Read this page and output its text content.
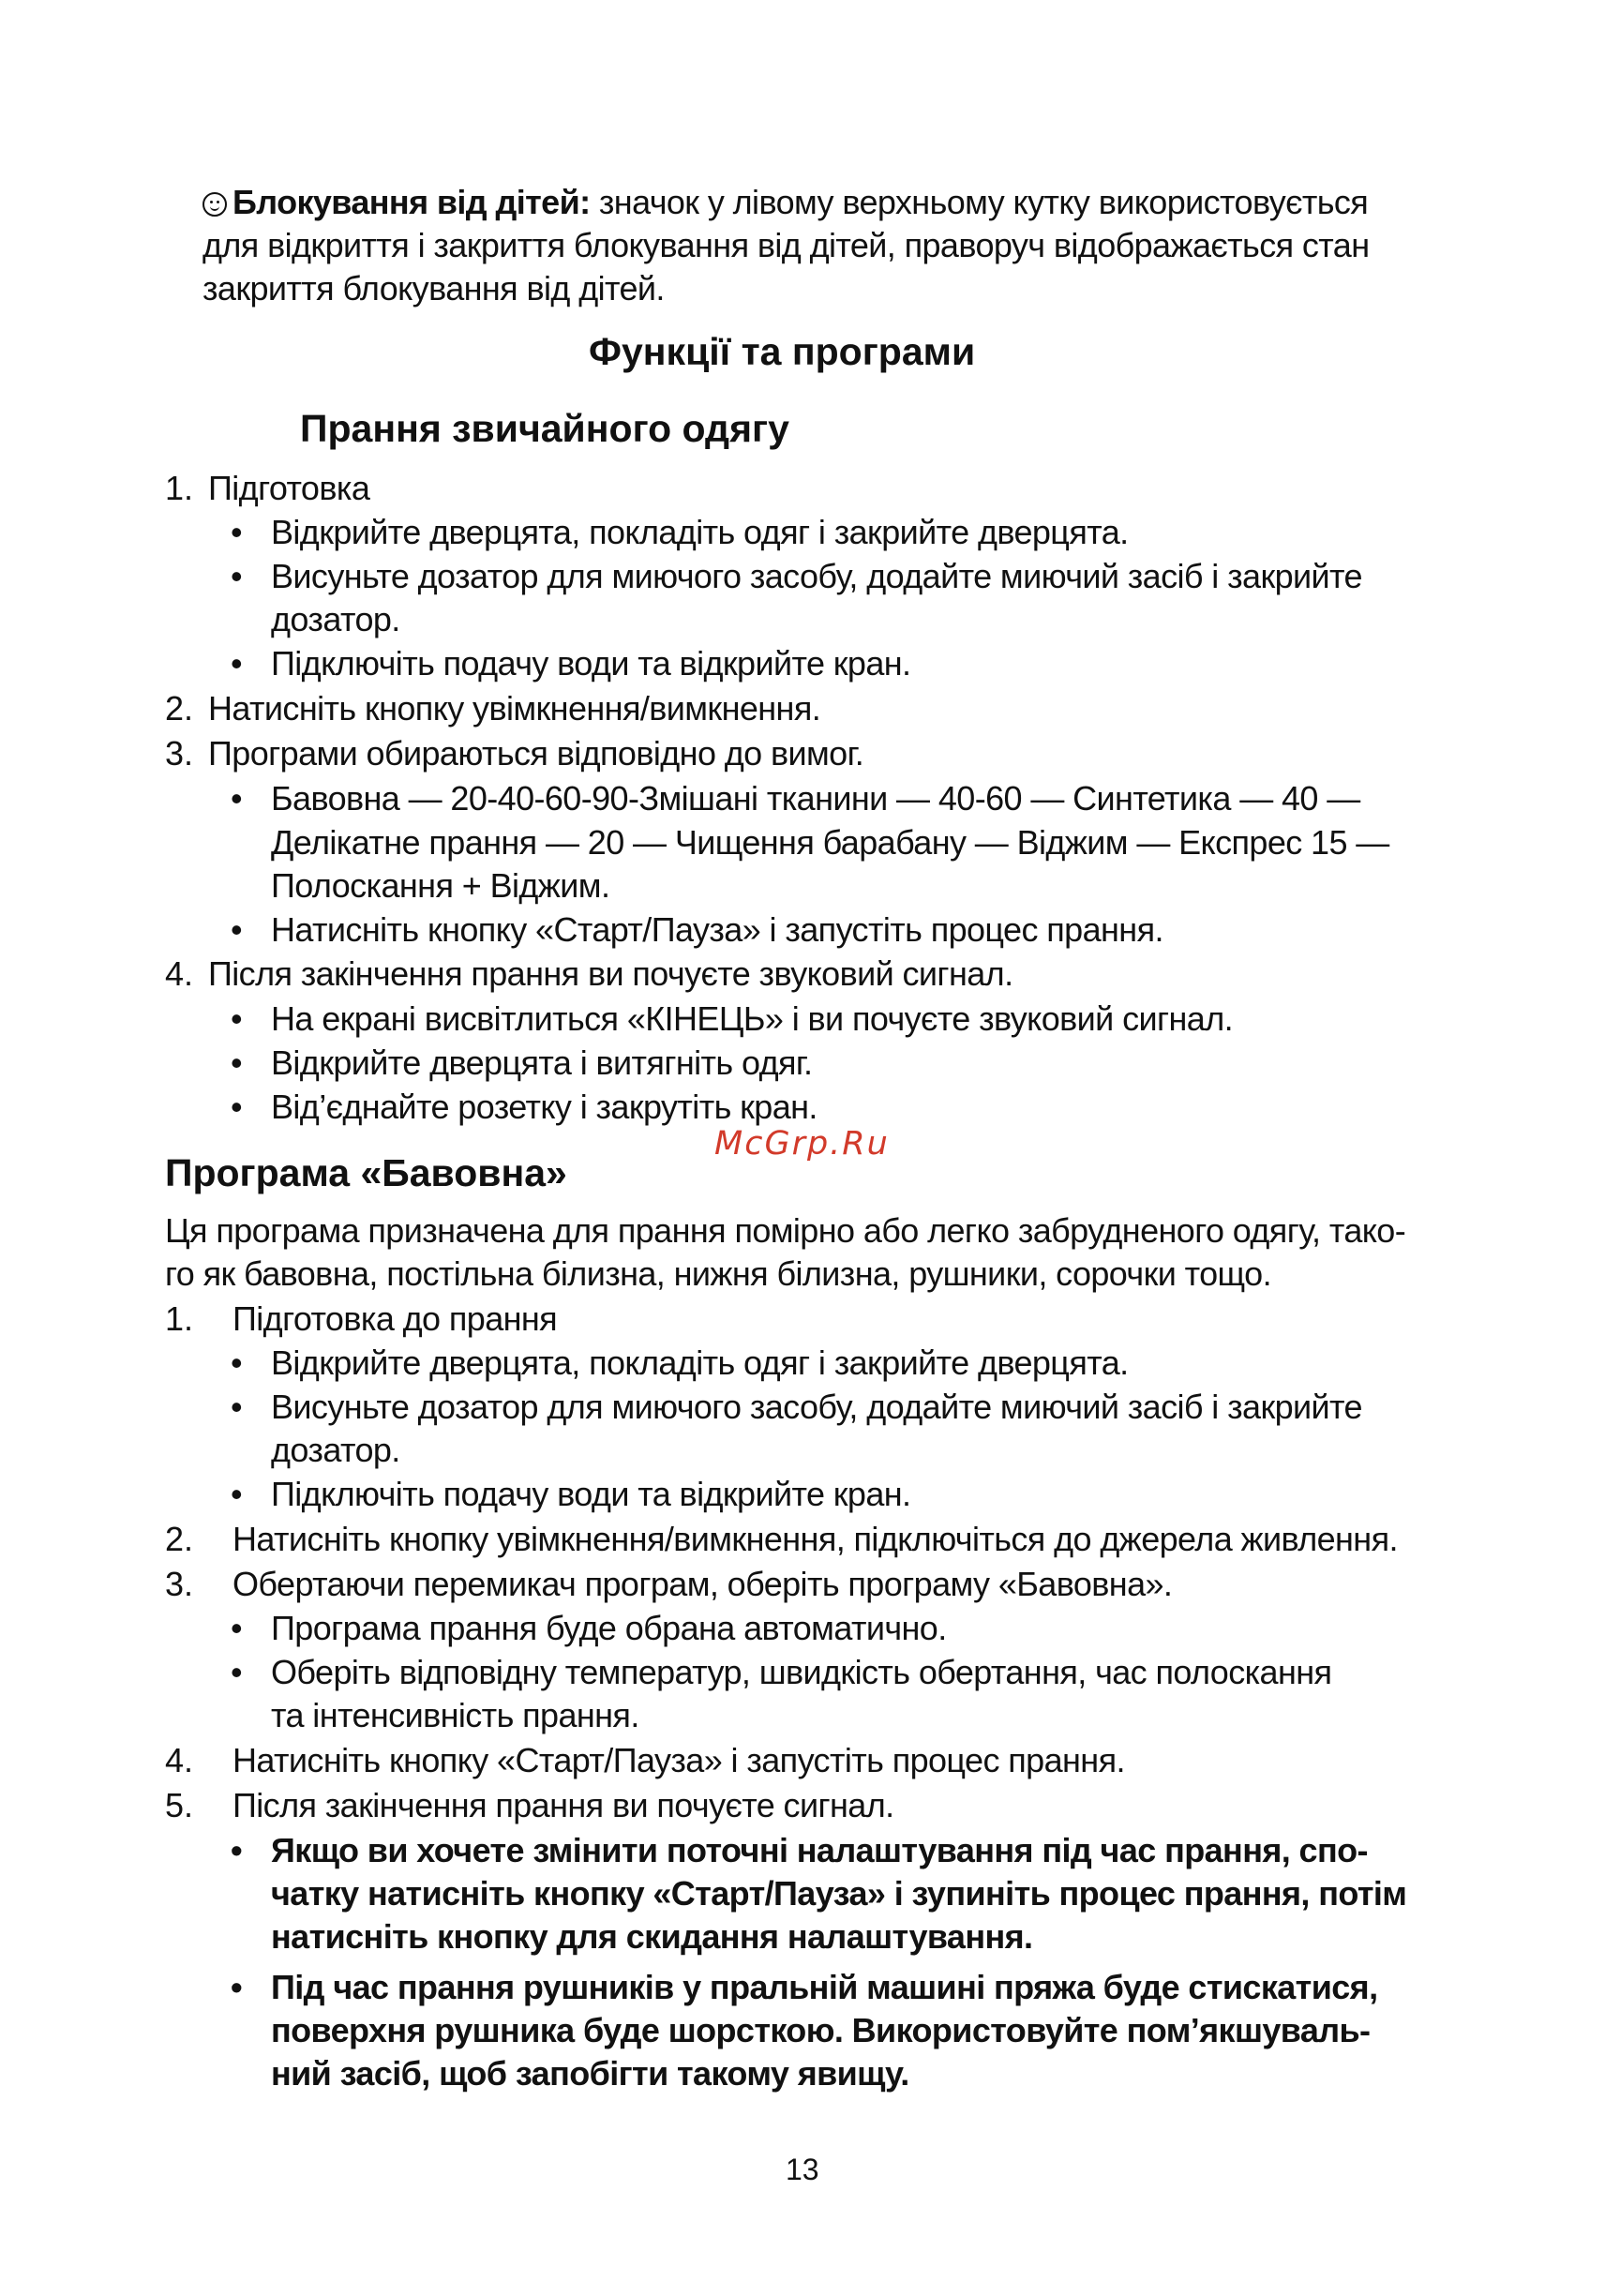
Блокування від дітей: значок у лівому верхньому кутку використовується
для відкриття і закриття блокування від дітей, праворуч відображається стан
закриття блокування від дітей.
Функції та програми
Прання звичайного одягу
1. Підготовка
• Відкрийте дверцята, покладіть одяг і закрийте дверцята.
• Висуньте дозатор для миючого засобу, додайте миючий засіб і закрийте
дозатор.
• Підключіть подачу води та відкрийте кран.
2. Натисніть кнопку увімкнення/вимкнення.
3. Програми обираються відповідно до вимог.
• Бавовна — 20-40-60-90-Змішані тканини — 40-60 — Синтетика — 40 —
Делікатне прання — 20 — Чищення барабану — Віджим — Експрес 15 —
Полоскання + Віджим.
• Натисніть кнопку «Старт/Пауза» і запустіть процес прання.
4. Після закінчення прання ви почуєте звуковий сигнал.
• На екрані висвітлиться «КІНЕЦЬ» і ви почуєте звуковий сигнал.
• Відкрийте дверцята і витягніть одяг.
• Від’єднайте розетку і закрутіть кран.
McGrp.Ru
Програма «Бавовна»
Ця програма призначена для прання помірно або легко забрудненого одягу, тако-
го як бавовна, постільна білизна, нижня білизна, рушники, сорочки тощо.
1. Підготовка до прання
• Відкрийте дверцята, покладіть одяг і закрийте дверцята.
• Висуньте дозатор для миючого засобу, додайте миючий засіб і закрийте
дозатор.
• Підключіть подачу води та відкрийте кран.
2. Натисніть кнопку увімкнення/вимкнення, підключіться до джерела живлення.
3. Обертаючи перемикач програм, оберіть програму «Бавовна».
• Програма прання буде обрана автоматично.
• Оберіть відповідну температур, швидкість обертання, час полоскання
та інтенсивність прання.
4. Натисніть кнопку «Старт/Пауза» і запустіть процес прання.
5. Після закінчення прання ви почуєте сигнал.
• Якщо ви хочете змінити поточні налаштування під час прання, спо-
чатку натисніть кнопку «Старт/Пауза» і зупиніть процес прання, потім
натисніть кнопку для скидання налаштування.
• Під час прання рушників у пральній машині пряжа буде стискатися,
поверхня рушника буде шорсткою. Використовуйте пом’якшуваль-
ний засіб, щоб запобігти такому явищу.
13
